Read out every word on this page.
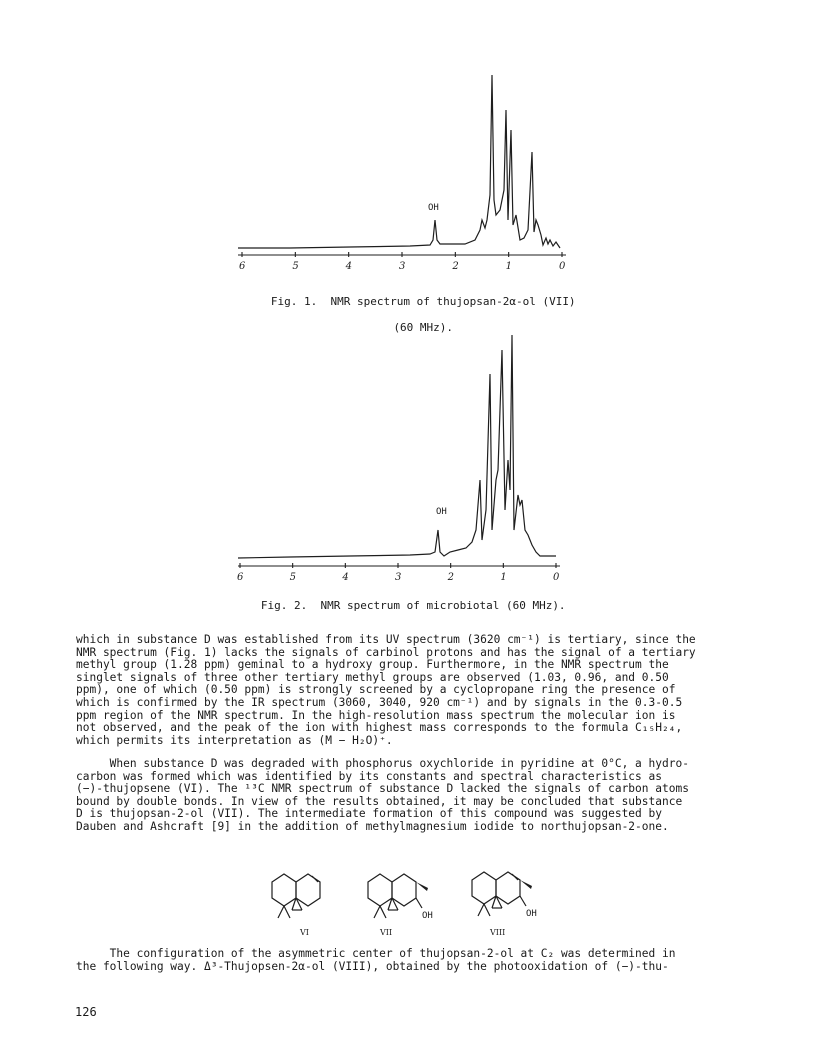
6	5	4	3	2	1	0
OH

Fig. 1.  NMR spectrum of thujopsan-2α-ol (VII)

(60 MHz).

6	5	4	3	2	1	0
OH

Fig. 2.  NMR spectrum of microbiotal (60 MHz).

which in substance D was established from its UV spectrum (3620 cm⁻¹) is tertiary, since the
NMR spectrum (Fig. 1) lacks the signals of carbinol protons and has the signal of a tertiary
methyl group (1.28 ppm) geminal to a hydroxy group. Furthermore, in the NMR spectrum the
singlet signals of three other tertiary methyl groups are observed (1.03, 0.96, and 0.50
ppm), one of which (0.50 ppm) is strongly screened by a cyclopropane ring the presence of
which is confirmed by the IR spectrum (3060, 3040, 920 cm⁻¹) and by signals in the 0.3-0.5
ppm region of the NMR spectrum. In the high-resolution mass spectrum the molecular ion is
not observed, and the peak of the ion with highest mass corresponds to the formula C₁₅H₂₄,
which permits its interpretation as (M − H₂O)⁺.
When substance D was degraded with phosphorus oxychloride in pyridine at 0°C, a hydro-
carbon was formed which was identified by its constants and spectral characteristics as
(−)-thujopsene (VI). The ¹³C NMR spectrum of substance D lacked the signals of carbon atoms
bound by double bonds. In view of the results obtained, it may be concluded that substance
D is thujopsan-2-ol (VII). The intermediate formation of this compound was suggested by
Dauben and Ashcraft [9] in the addition of methylmagnesium iodide to northujopsan-2-one.
VI
OH
VII
OH
VIII
The configuration of the asymmetric center of thujopsan-2-ol at C₂ was determined in
the following way. Δ³-Thujopsen-2α-ol (VIII), obtained by the photooxidation of (−)-thu-
126
